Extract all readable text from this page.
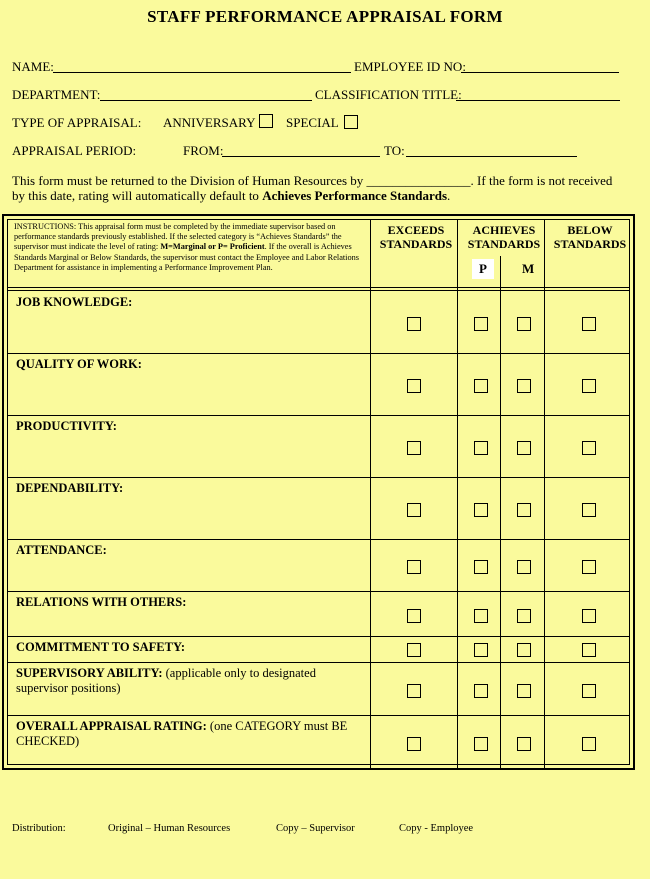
STAFF PERFORMANCE APPRAISAL FORM
NAME:	EMPLOYEE ID NO:
DEPARTMENT:	CLASSIFICATION TITLE:
TYPE OF APPRAISAL: ANNIVERSARY SPECIAL
APPRAISAL PERIOD:	FROM:	TO:
This form must be returned to the Division of Human Resources by ________________. If the form is not received by this date, rating will automatically default to Achieves Performance Standards.
INSTRUCTIONS: This appraisal form must be completed by the immediate supervisor based on performance standards previously established. If the selected category is “Achieves Standards” the supervisor must indicate the level of rating: M=Marginal or P= Proficient. If the overall is Achieves Standards Marginal or Below Standards, the supervisor must contact the Employee and Labor Relations Department for assistance in implementing a Performance Improvement Plan.
EXCEEDS STANDARDS
ACHIEVES STANDARDS
BELOW STANDARDS
P	M
JOB KNOWLEDGE:
QUALITY OF WORK:
PRODUCTIVITY:
DEPENDABILITY:
ATTENDANCE:
RELATIONS WITH OTHERS:
COMMITMENT TO SAFETY:
SUPERVISORY ABILITY: (applicable only to designated supervisor positions)
OVERALL APPRAISAL RATING: (one CATEGORY must BE CHECKED)
Distribution:	Original – Human Resources	Copy – Supervisor	Copy - Employee
